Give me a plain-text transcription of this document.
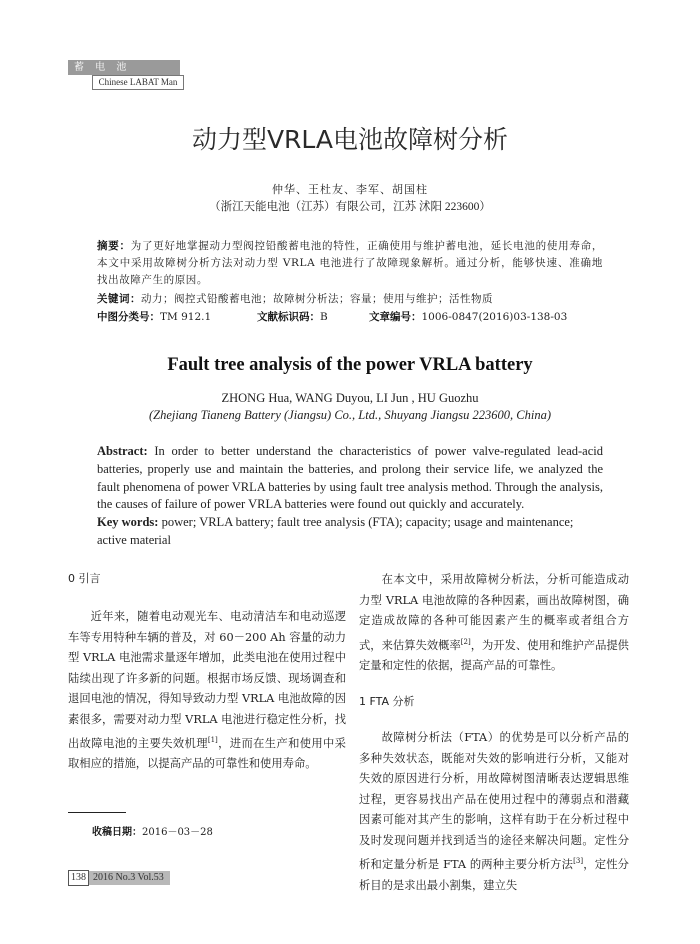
蓄 电 池
Chinese LABAT Man
动力型VRLA电池故障树分析
仲华、王杜友、李军、胡国柱
（浙江天能电池（江苏）有限公司，江苏 沭阳 223600）
摘要：为了更好地掌握动力型阀控铅酸蓄电池的特性，正确使用与维护蓄电池，延长电池的使用寿命，本文中采用故障树分析方法对动力型 VRLA 电池进行了故障现象解析。通过分析，能够快速、准确地找出故障产生的原因。
关键词：动力；阀控式铅酸蓄电池；故障树分析法；容量；使用与维护；活性物质
中图分类号：TM 912.1	文献标识码：B	文章编号：1006-0847(2016)03-138-03
Fault tree analysis of the power VRLA battery
ZHONG Hua, WANG Duyou, LI Jun , HU Guozhu
(Zhejiang Tianeng Battery (Jiangsu) Co., Ltd., Shuyang Jiangsu 223600, China)
Abstract: In order to better understand the characteristics of power valve-regulated lead-acid batteries, properly use and maintain the batteries, and prolong their service life, we analyzed the fault phenomena of power VRLA batteries by using fault tree analysis method. Through the analysis, the causes of failure of power VRLA batteries were found out quickly and accurately.
Key words: power; VRLA battery; fault tree analysis (FTA); capacity; usage and maintenance; active material

0 引言

近年来，随着电动观光车、电动清洁车和电动巡逻车等专用特种车辆的普及，对 60－200 Ah 容量的动力型 VRLA 电池需求量逐年增加，此类电池在使用过程中陆续出现了许多新的问题。根据市场反馈、现场调查和退回电池的情况，得知导致动力型 VRLA 电池故障的因素很多，需要对动力型 VRLA 电池进行稳定性分析，找出故障电池的主要失效机理[1]，进而在生产和使用中采取相应的措施，以提高产品的可靠性和使用寿命。

在本文中，采用故障树分析法，分析可能造成动力型 VRLA 电池故障的各种因素，画出故障树图，确定造成故障的各种可能因素产生的概率或者组合方式，来估算失效概率[2]，为开发、使用和维护产品提供定量和定性的依据，提高产品的可靠性。

1 FTA 分析

故障树分析法（FTA）的优势是可以分析产品的多种失效状态，既能对失效的影响进行分析，又能对失效的原因进行分析，用故障树图清晰表达逻辑思维过程，更容易找出产品在使用过程中的薄弱点和潜藏因素可能对其产生的影响，这样有助于在分析过程中及时发现问题并找到适当的途径来解决问题。定性分析和定量分析是 FTA 的两种主要分析方法[3]，定性分析目的是求出最小割集，建立失

收稿日期：2016－03－28
138 2016 No.3 Vol.53
